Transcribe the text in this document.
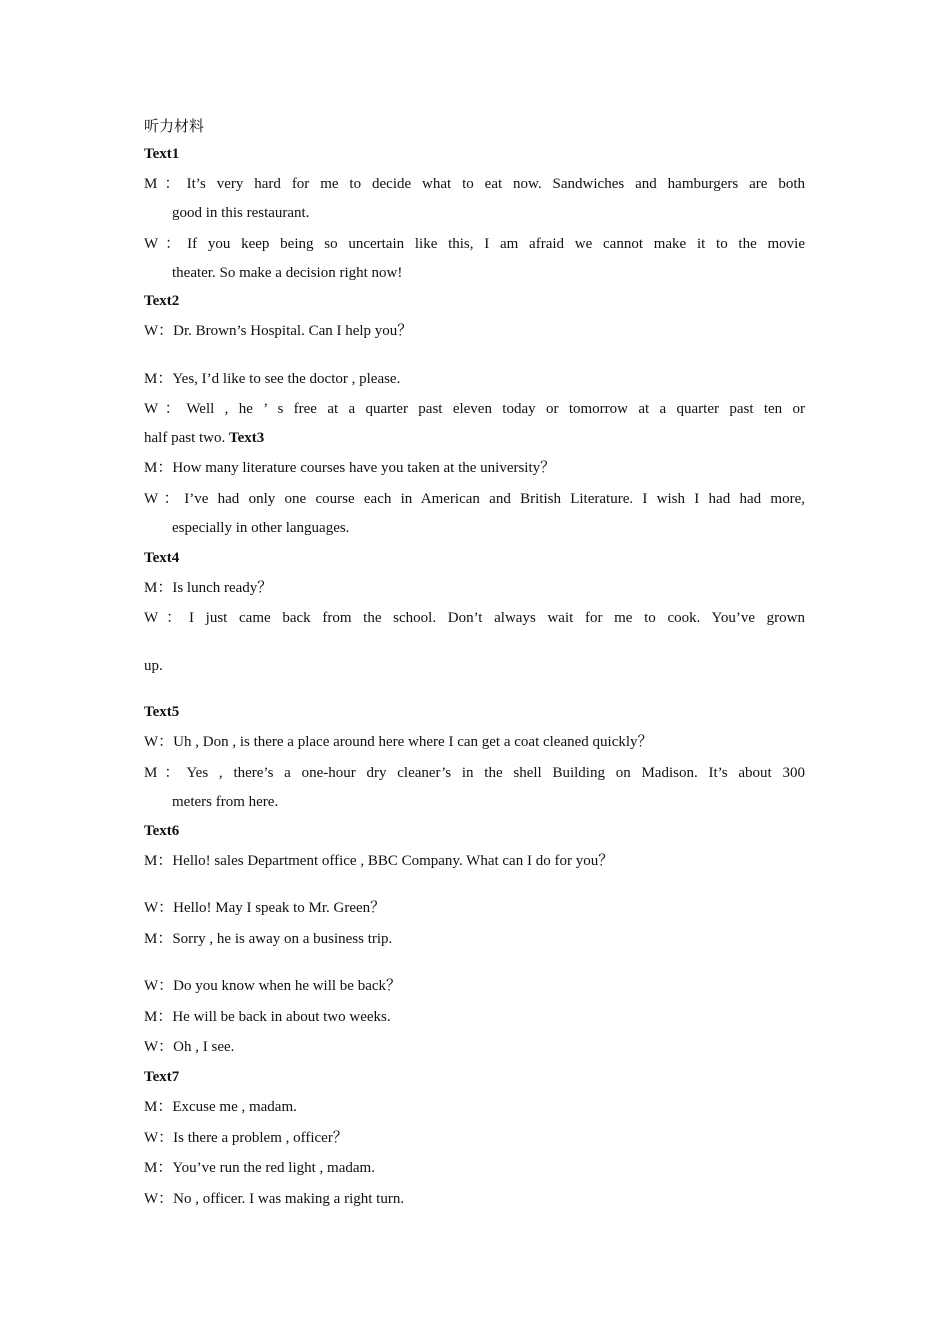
听力材料
Text1
M：It’s very hard for me to decide what to eat now. Sandwiches and hamburgers are both
good in this restaurant.
W：If you keep being so uncertain like this, I am afraid we cannot make it to the movie
theater. So make a decision right now!
Text2
W：Dr. Brown’s Hospital. Can I help you？
M：Yes, I’d like to see the doctor , please.
W：Well , he ’ s free at a quarter past eleven today or tomorrow at a quarter past ten or
half past two. Text3
M：How many literature courses have you taken at the university？
W：I’ve had only one course each in American and British Literature. I wish I had had more,
especially in other languages.
Text4
M：Is lunch ready？
W：I just came back from the school. Don’t always wait for me to cook. You’ve grown
up.
Text5
W：Uh , Don , is there a place around here where I can get a coat cleaned quickly？
M：Yes , there’s a one-hour dry cleaner’s in the shell Building on Madison. It’s about 300
meters from here.
Text6
M：Hello! sales Department office , BBC Company. What can I do for you？
W：Hello! May I speak to Mr. Green？
M：Sorry , he is away on a business trip.
W：Do you know when he will be back？
M：He will be back in about two weeks.
W：Oh , I see.
Text7
M：Excuse me , madam.
W：Is there a problem , officer？
M：You’ve run the red light , madam.
W：No , officer. I was making a right turn.
